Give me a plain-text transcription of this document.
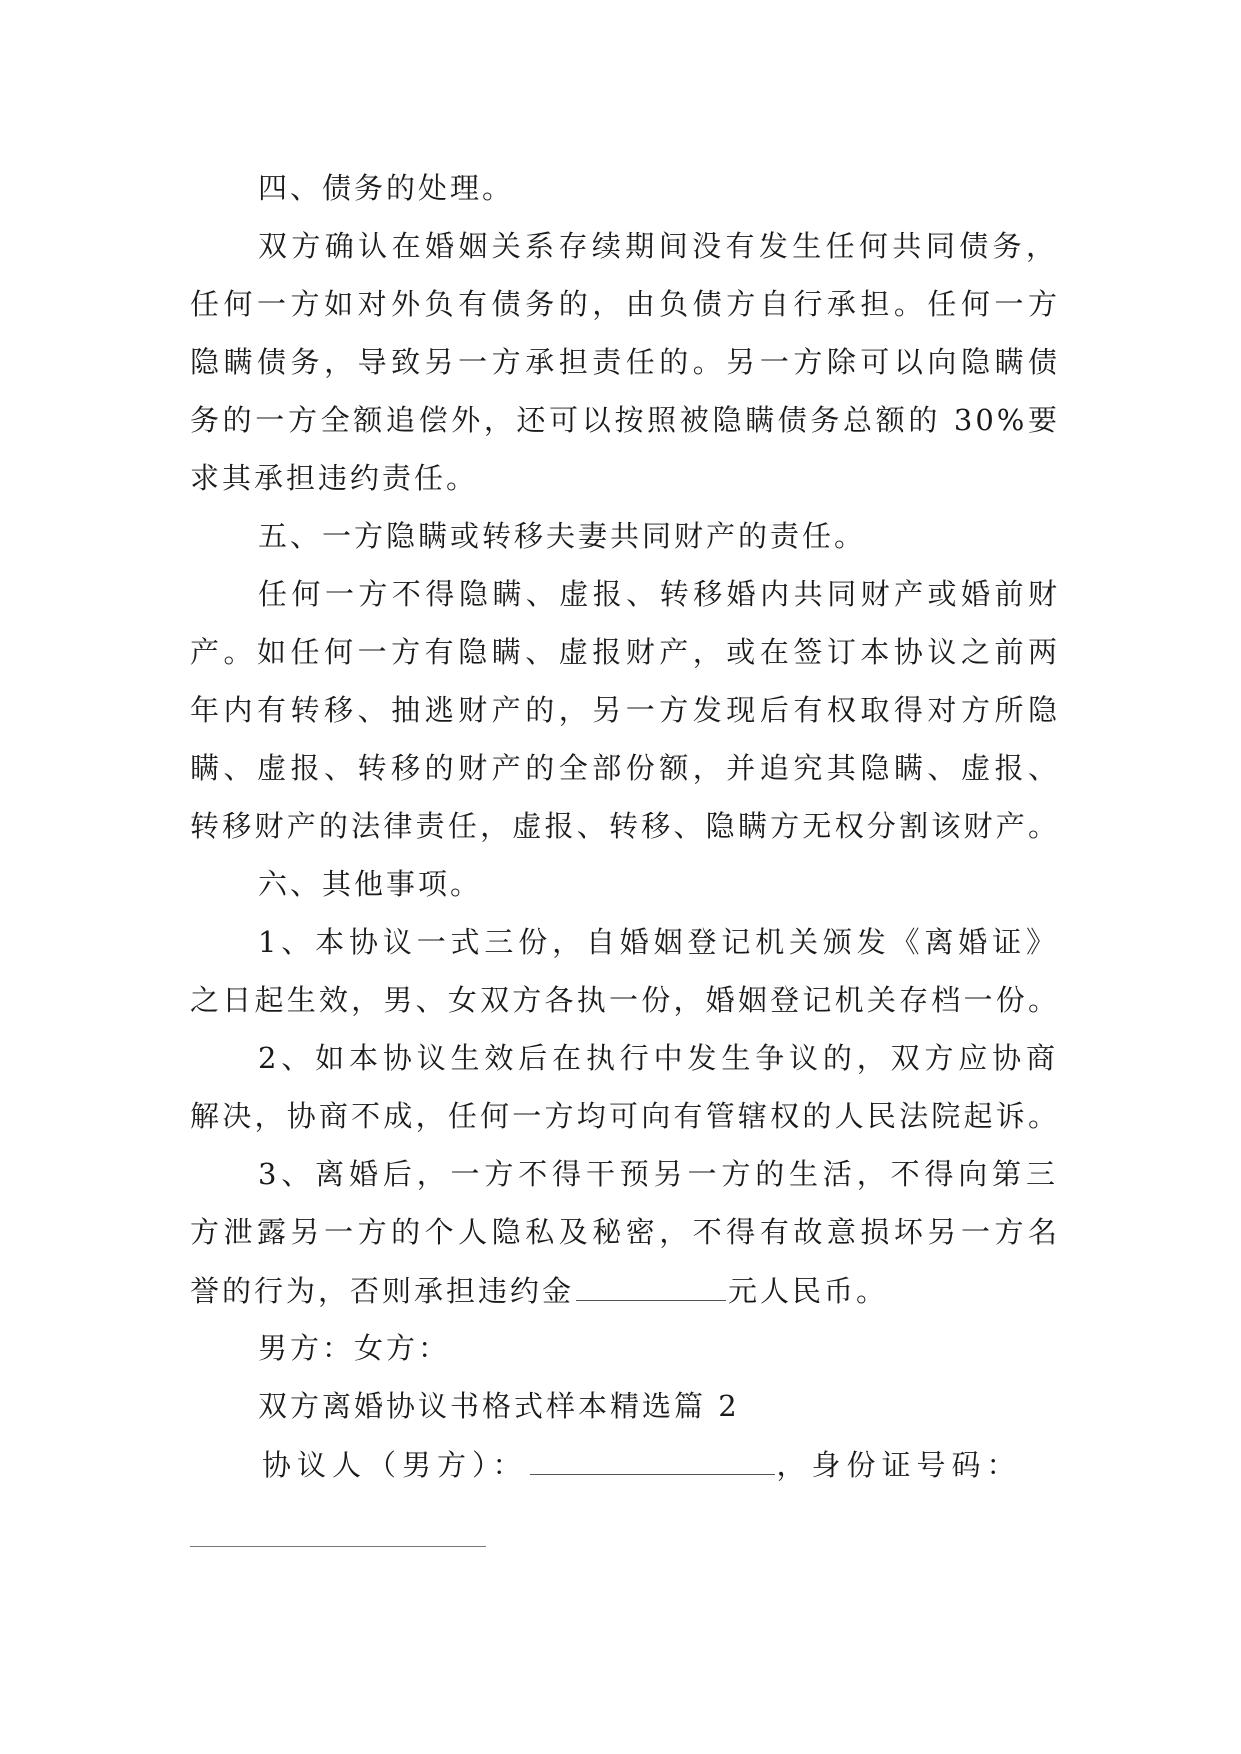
四、债务的处理。
双方确认在婚姻关系存续期间没有发生任何共同债务，
任何一方如对外负有债务的，由负债方自行承担。任何一方
隐瞒债务，导致另一方承担责任的。另一方除可以向隐瞒债
务的一方全额追偿外，还可以按照被隐瞒债务总额的 30%要
求其承担违约责任。
五、一方隐瞒或转移夫妻共同财产的责任。
任何一方不得隐瞒、虚报、转移婚内共同财产或婚前财
产。如任何一方有隐瞒、虚报财产，或在签订本协议之前两
年内有转移、抽逃财产的，另一方发现后有权取得对方所隐
瞒、虚报、转移的财产的全部份额，并追究其隐瞒、虚报、
转移财产的法律责任，虚报、转移、隐瞒方无权分割该财产。
六、其他事项。
1、本协议一式三份，自婚姻登记机关颁发《离婚证》
之日起生效，男、女双方各执一份，婚姻登记机关存档一份。
2、如本协议生效后在执行中发生争议的，双方应协商
解决，协商不成，任何一方均可向有管辖权的人民法院起诉。
3、离婚后，一方不得干预另一方的生活，不得向第三
方泄露另一方的个人隐私及秘密，不得有故意损坏另一方名
誉的行为，否则承担违约金	元人民币。
男方：女方：
双方离婚协议书格式样本精选篇 2
协议人（男方）：	，身份证号码：
